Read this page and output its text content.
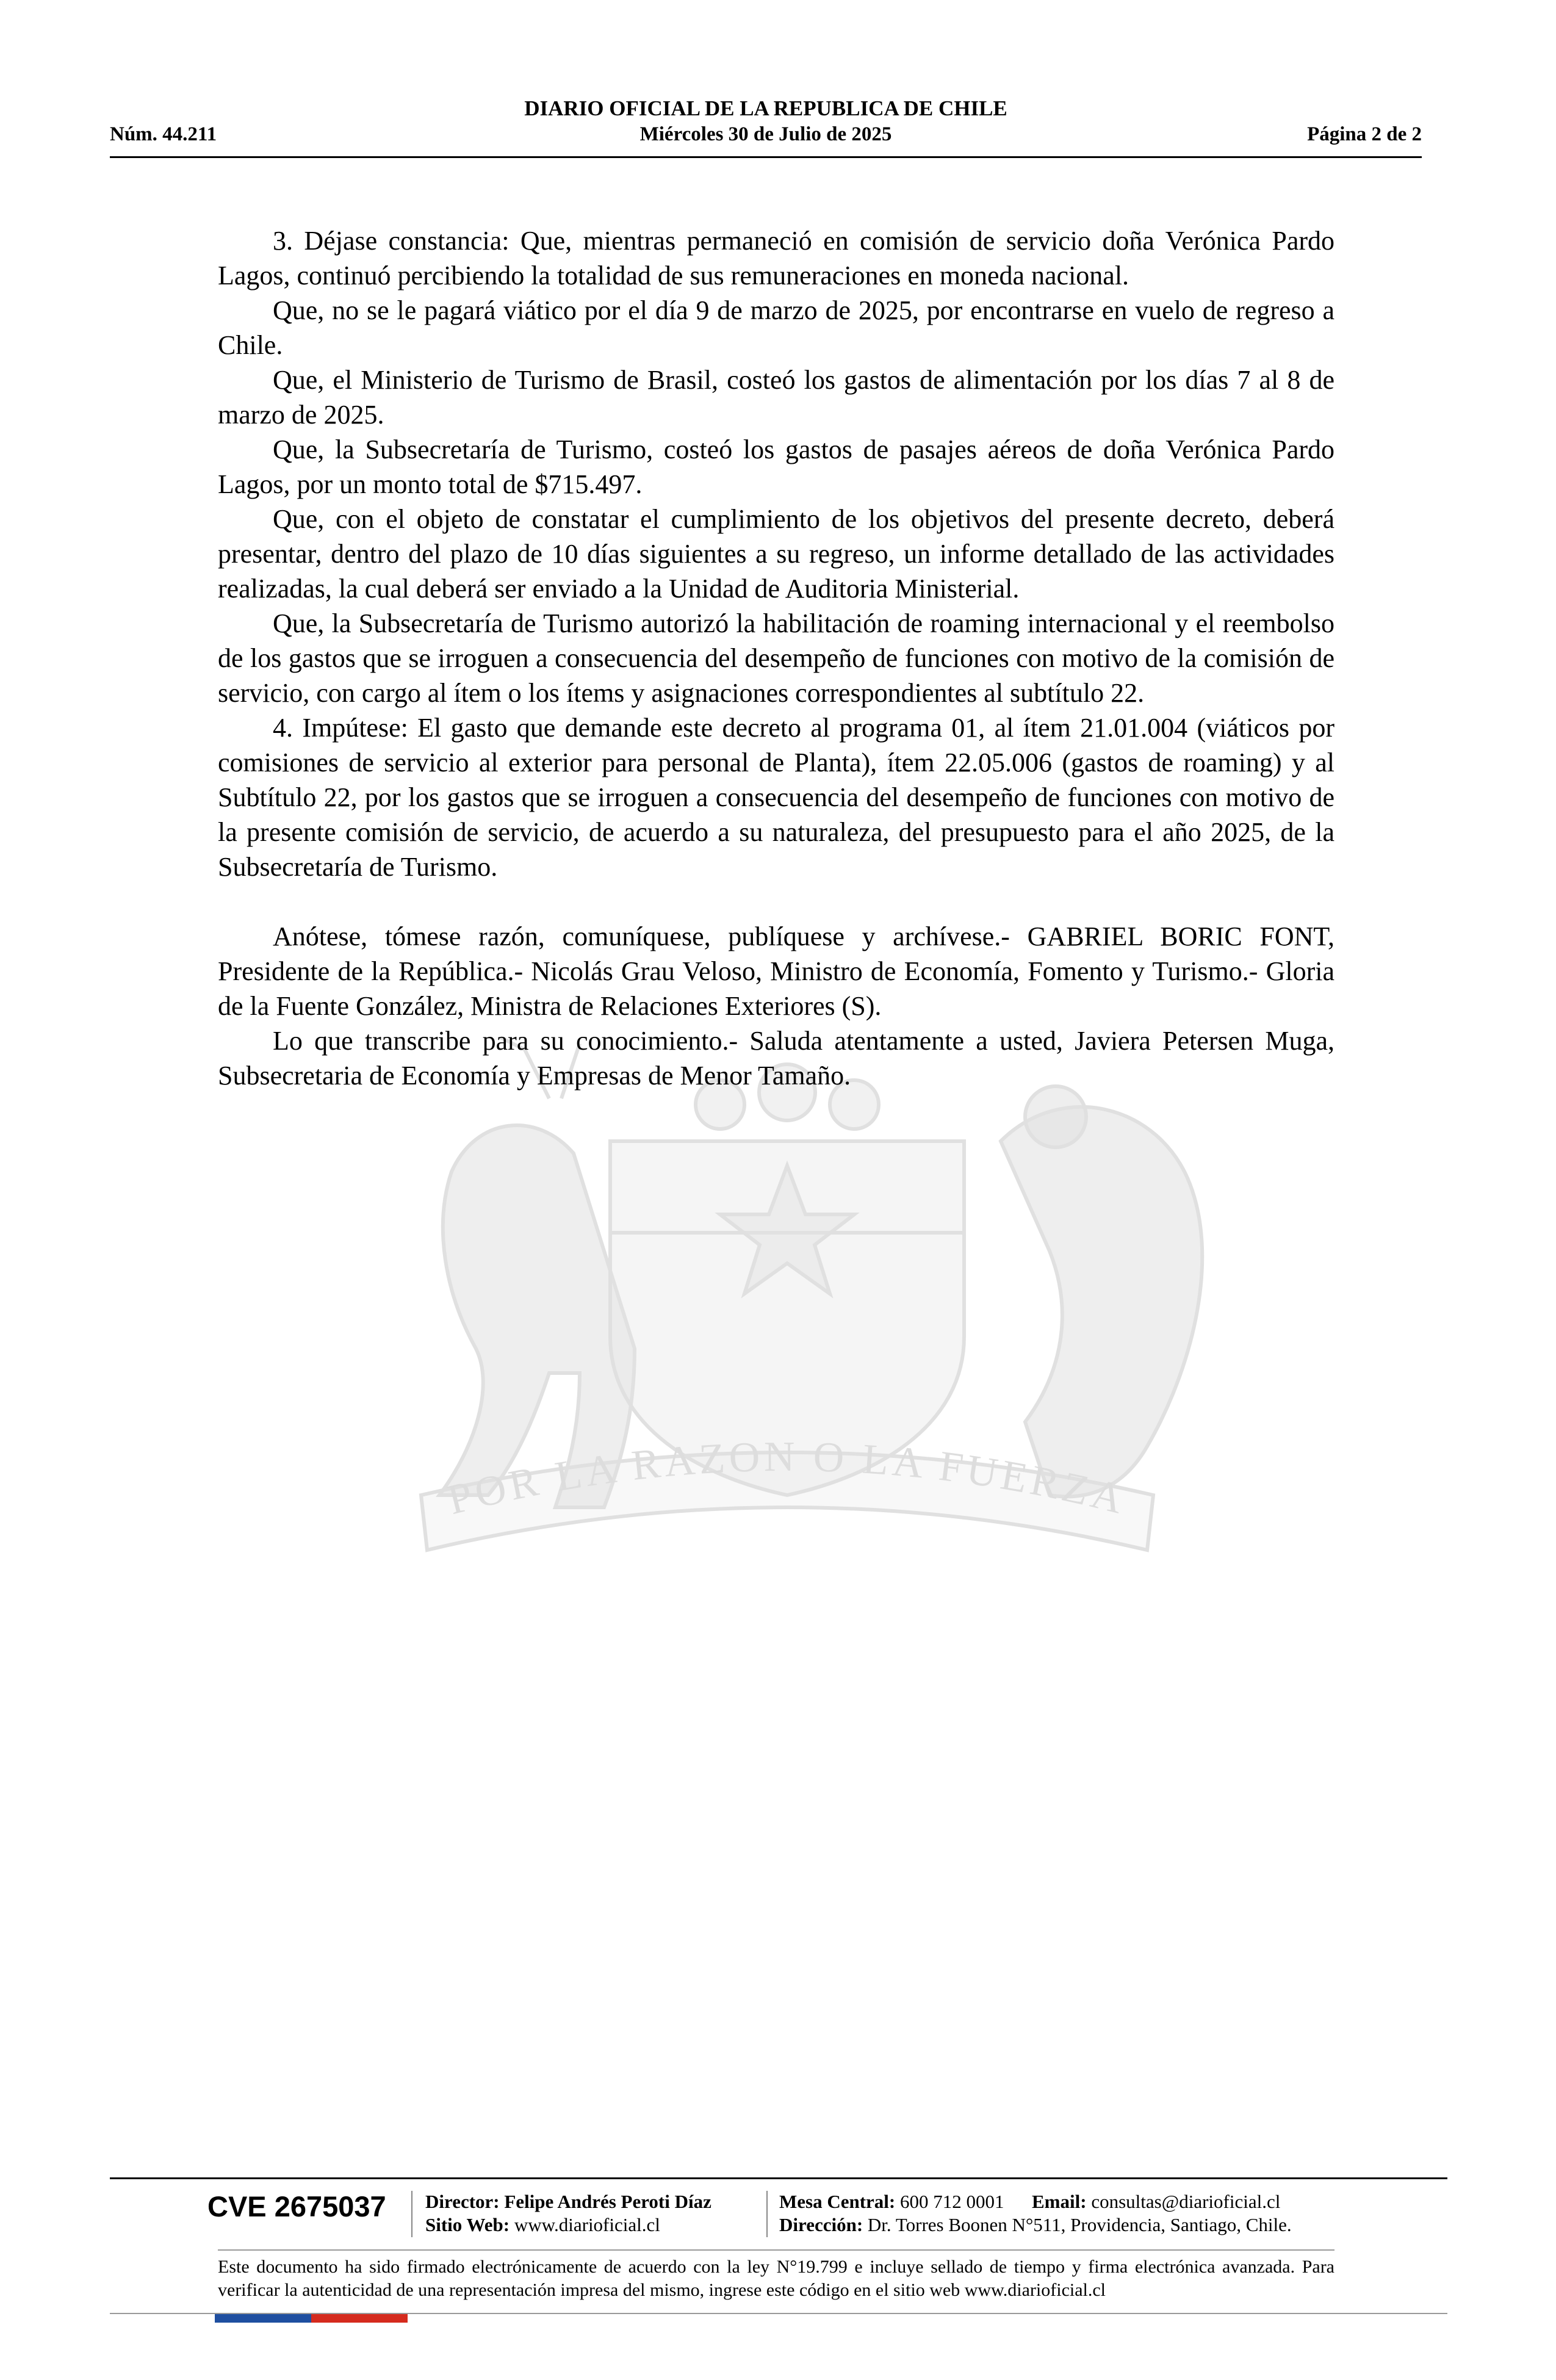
DIARIO OFICIAL DE LA REPUBLICA DE CHILE
Núm. 44.211	Miércoles 30 de Julio de 2025	Página 2 de 2
POR LA RAZON O LA FUERZA

3. Déjase constancia: Que, mientras permaneció en comisión de servicio doña Verónica Pardo Lagos, continuó percibiendo la totalidad de sus remuneraciones en moneda nacional.

Que, no se le pagará viático por el día 9 de marzo de 2025, por encontrarse en vuelo de regreso a Chile.

Que, el Ministerio de Turismo de Brasil, costeó los gastos de alimentación por los días 7 al 8 de marzo de 2025.

Que, la Subsecretaría de Turismo, costeó los gastos de pasajes aéreos de doña Verónica Pardo Lagos, por un monto total de $715.497.

Que, con el objeto de constatar el cumplimiento de los objetivos del presente decreto, deberá presentar, dentro del plazo de 10 días siguientes a su regreso, un informe detallado de las actividades realizadas, la cual deberá ser enviado a la Unidad de Auditoria Ministerial.

Que, la Subsecretaría de Turismo autorizó la habilitación de roaming internacional y el reembolso de los gastos que se irroguen a consecuencia del desempeño de funciones con motivo de la comisión de servicio, con cargo al ítem o los ítems y asignaciones correspondientes al subtítulo 22.

4. Impútese: El gasto que demande este decreto al programa 01, al ítem 21.01.004 (viáticos por comisiones de servicio al exterior para personal de Planta), ítem 22.05.006 (gastos de roaming) y al Subtítulo 22, por los gastos que se irroguen a consecuencia del desempeño de funciones con motivo de la presente comisión de servicio, de acuerdo a su naturaleza, del presupuesto para el año 2025, de la Subsecretaría de Turismo.

Anótese, tómese razón, comuníquese, publíquese y archívese.- GABRIEL BORIC FONT, Presidente de la República.- Nicolás Grau Veloso, Ministro de Economía, Fomento y Turismo.- Gloria de la Fuente González, Ministra de Relaciones Exteriores (S).

Lo que transcribe para su conocimiento.- Saluda atentamente a usted, Javiera Petersen Muga, Subsecretaria de Economía y Empresas de Menor Tamaño.

CVE 2675037 Director: Felipe Andrés Peroti Díaz
Sitio Web: www.diarioficial.cl
Mesa Central: 600 712 0001 Email: consultas@diarioficial.cl
Dirección: Dr. Torres Boonen N°511, Providencia, Santiago, Chile.
Este documento ha sido firmado electrónicamente de acuerdo con la ley N°19.799 e incluye sellado de tiempo y firma electrónica avanzada. Para verificar la autenticidad de una representación impresa del mismo, ingrese este código en el sitio web www.diarioficial.cl
